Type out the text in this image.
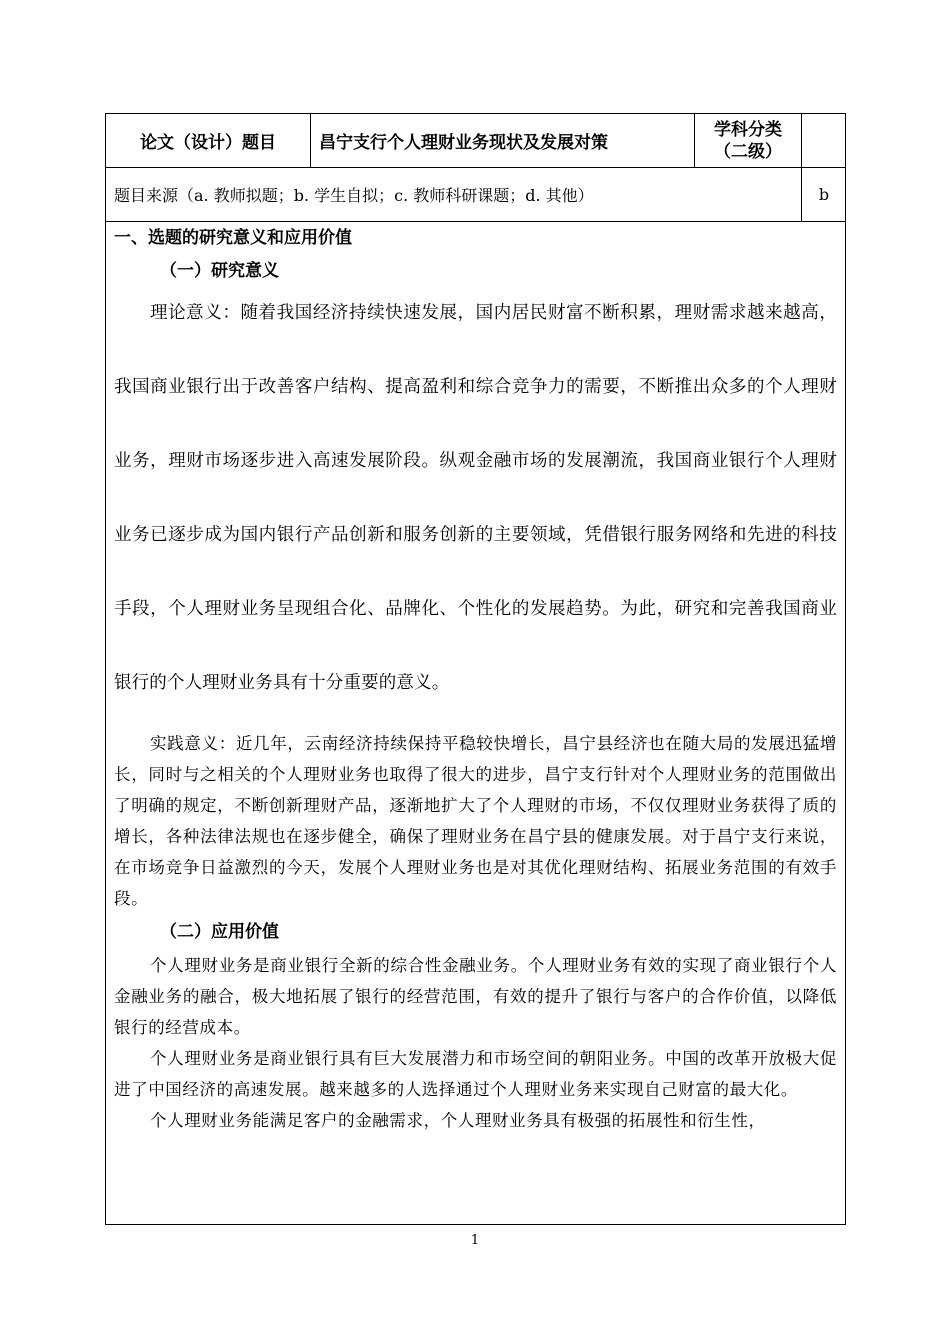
论文（设计）题目	昌宁支行个人理财业务现状及发展对策
学科分类（二级）
题目来源（a. 教师拟题；b. 学生自拟；c. 教师科研课题；d. 其他）	b
一、选题的研究意义和应用价值
（一）研究意义
理论意义：随着我国经济持续快速发展，国内居民财富不断积累，理财需求越来越高，我国商业银行出于改善客户结构、提高盈利和综合竞争力的需要，不断推出众多的个人理财业务，理财市场逐步进入高速发展阶段。纵观金融市场的发展潮流，我国商业银行个人理财业务已逐步成为国内银行产品创新和服务创新的主要领域，凭借银行服务网络和先进的科技手段，个人理财业务呈现组合化、品牌化、个性化的发展趋势。为此，研究和完善我国商业银行的个人理财业务具有十分重要的意义。
实践意义：近几年，云南经济持续保持平稳较快增长，昌宁县经济也在随大局的发展迅猛增长，同时与之相关的个人理财业务也取得了很大的进步，昌宁支行针对个人理财业务的范围做出了明确的规定，不断创新理财产品，逐渐地扩大了个人理财的市场，不仅仅理财业务获得了质的增长，各种法律法规也在逐步健全，确保了理财业务在昌宁县的健康发展。对于昌宁支行来说，在市场竞争日益激烈的今天，发展个人理财业务也是对其优化理财结构、拓展业务范围的有效手段。
（二）应用价值
个人理财业务是商业银行全新的综合性金融业务。个人理财业务有效的实现了商业银行个人金融业务的融合，极大地拓展了银行的经营范围，有效的提升了银行与客户的合作价值，以降低银行的经营成本。
个人理财业务是商业银行具有巨大发展潜力和市场空间的朝阳业务。中国的改革开放极大促进了中国经济的高速发展。越来越多的人选择通过个人理财业务来实现自己财富的最大化。
个人理财业务能满足客户的金融需求，个人理财业务具有极强的拓展性和衍生性，
1
